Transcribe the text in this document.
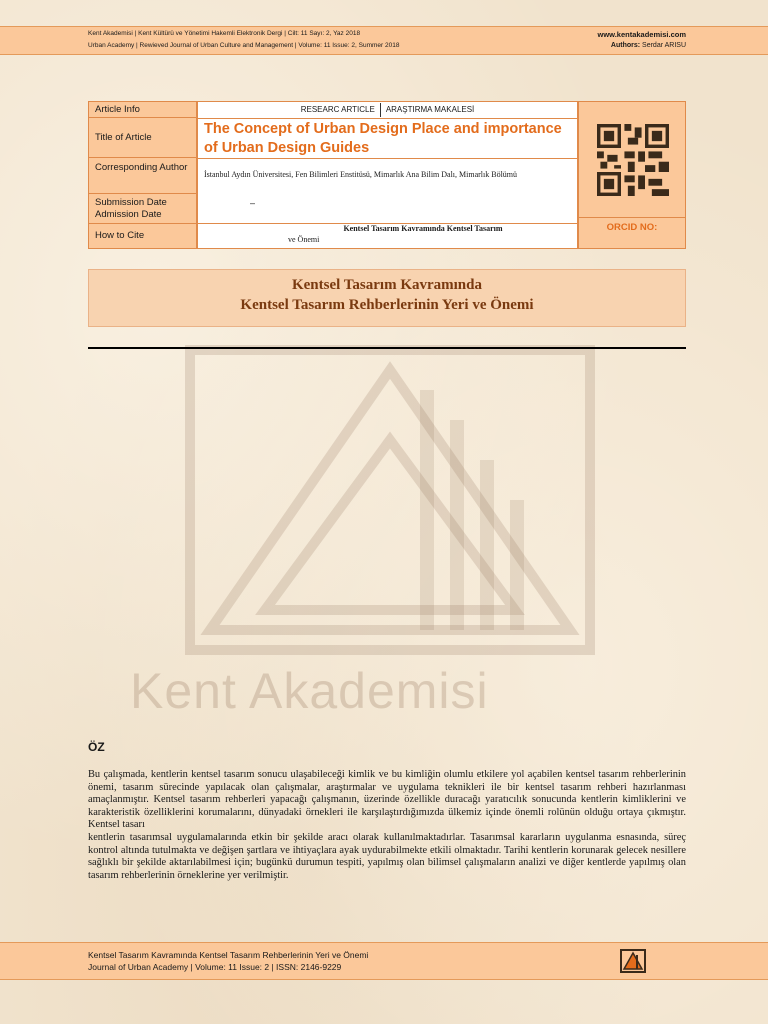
Kent Akademisi
Kent Akademisi | Kent Kültürü ve Yönetimi Hakemli Elektronik Dergi | Cilt: 11 Sayı: 2, Yaz 2018
Urban Academy | Rewieved Journal of Urban Culture and Management | Volume: 11 Issue: 2, Summer 2018
www.kentakademisi.com
Authors: Serdar ARISU
Article Info
Title of Article
Corresponding Author
Submission Date
Admission Date
How to Cite
RESEARC ARTICLE ARAŞTIRMA MAKALESİ
The Concept of Urban Design Place and importance of Urban Design Guides
İstanbul Aydın Üniversitesi, Fen Bilimleri Enstitüsü, Mimarlık Ana Bilim Dalı, Mimarlık Bölümü
–
Kentsel Tasarım Kavramında Kentsel Tasarım
ve Önemi
ORCID NO:
Kentsel Tasarım Kavramında
Kentsel Tasarım Rehberlerinin Yeri ve Önemi
ÖZ

Bu çalışmada, kentlerin kentsel tasarım sonucu ulaşabileceği kimlik ve bu kimliğin olumlu etkilere yol açabilen kentsel tasarım rehberlerinin önemi, tasarım sürecinde yapılacak olan çalışmalar, araştırmalar ve uygulama teknikleri ile bir kentsel tasarım rehberi hazırlanması amaçlanmıştır. Kentsel tasarım rehberleri yapacağı çalışmanın, üzerinde özellikle duracağı yaratıcılık sonucunda kentlerin kimliklerini ve karakteristik özelliklerini korumalarını, dünyadaki örnekleri ile karşılaştırdığımızda ülkemiz içinde önemli rolünün olduğu ortaya çıkmıştır. Kentsel tasarı

kentlerin tasarımsal uygulamalarında etkin bir şekilde aracı olarak kullanılmaktadırlar. Tasarımsal kararların uygulanma esnasında, süreç kontrol altında tutulmakta ve değişen şartlara ve ihtiyaçlara ayak uydurabilmekte etkili olmaktadır. Tarihi kentlerin korunarak gelecek nesillere sağlıklı bir şekilde aktarılabilmesi için; bugünkü durumun tespiti, yapılmış olan bilimsel çalışmaların analizi ve diğer kentlerde yapılmış olan tasarım rehberlerinin örneklerine yer verilmiştir.

Kentsel Tasarım Kavramında Kentsel Tasarım Rehberlerinin Yeri ve Önemi
Journal of Urban Academy | Volume: 11 Issue: 2 | ISSN: 2146-9229
